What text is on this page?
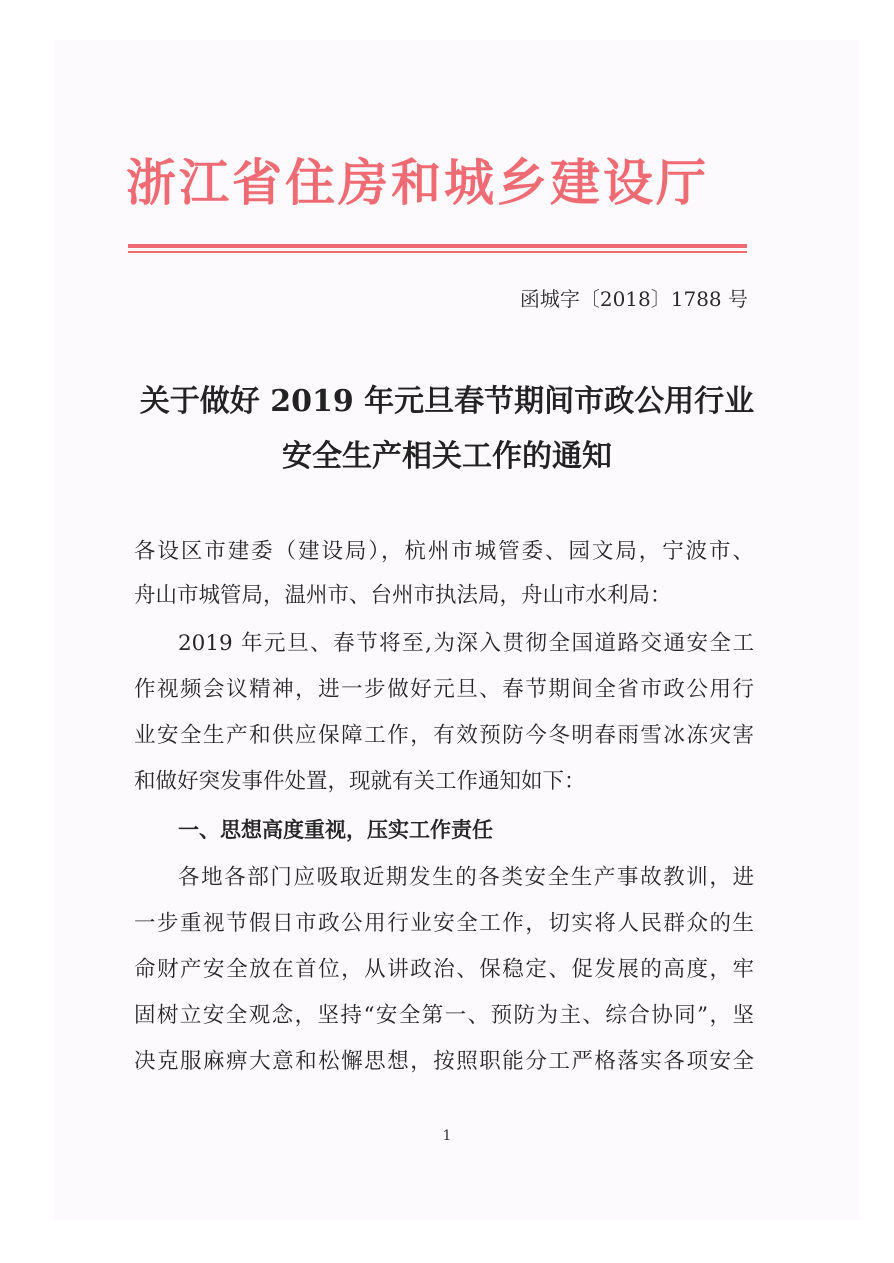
浙江省住房和城乡建设厅
函城字〔2018〕1788 号
关于做好 2019 年元旦春节期间市政公用行业
安全生产相关工作的通知

各设区市建委（建设局），杭州市城管委、园文局，宁波市、

舟山市城管局，温州市、台州市执法局，舟山市水利局：

2019 年元旦、春节将至,为深入贯彻全国道路交通安全工

作视频会议精神，进一步做好元旦、春节期间全省市政公用行

业安全生产和供应保障工作，有效预防今冬明春雨雪冰冻灾害

和做好突发事件处置，现就有关工作通知如下：

一、思想高度重视，压实工作责任

各地各部门应吸取近期发生的各类安全生产事故教训，进

一步重视节假日市政公用行业安全工作，切实将人民群众的生

命财产安全放在首位，从讲政治、保稳定、促发展的高度，牢

固树立安全观念，坚持“安全第一、预防为主、综合协同”，坚

决克服麻痹大意和松懈思想，按照职能分工严格落实各项安全

1
